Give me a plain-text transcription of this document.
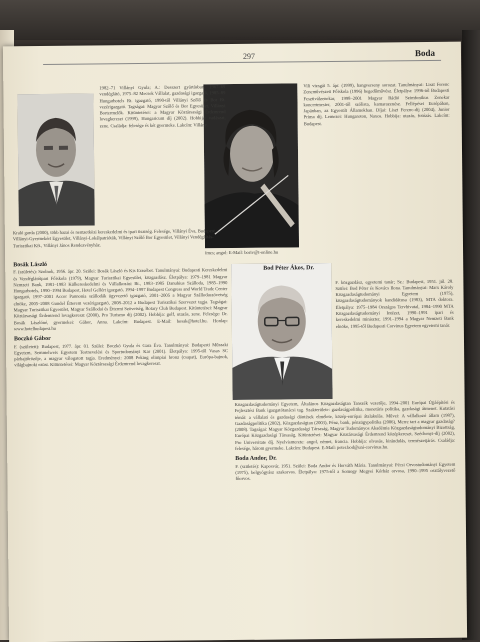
297	Boda

1982–71 Villányi Gyula; A.: Desszert gyártásban, 1967–69 vendéglátó, 1975–82 Mecsek Vállalat, gazdasági igazgató, 1985–89 Hungarhotels Rt. igazgató, 1990-től Villányi Szőlő és Bor Rt. vezérigazgató. Tagságai: Magyar Szőlő és Bor Egyesület, Villányi Bortermelők. Kitüntetései: a Magyar Köztársasági Érdemrend lovagkereszt (1999), Hungaricum díj (2002). Hobbija: vadászat, zene. Családja: felesége és két gyermeke. Lakcím: Villány.

Vili vizsgái 5. ápr. (1999), hangverseny sorozat. Tanulmányai: Liszt Ferenc Zeneművészeti Főiskola (1996) hegedűművész. Életpálya: 1996-tól Budapesti Fesztiválzenekar, 1998–2001 Magyar Rádió Szimfonikus Zenekar koncertmester, 2001-től szólista, kamarazenész. Fellépései Európában, Japánban, az Egyesült Államokban. Díjai: Liszt Ferenc-díj (2004), Junior Prima díj. Lemezei: Hungaroton, Naxos. Hobbija: utazás, fotózás. Lakcím: Budapest.

Kraló garda (2000), több hazai és nemzetközi kereskedelmi és ipari tisztség. Felesége, Villányi Éva, Budapest ... Villányi-Gyermekért Egyesület, Villányi-Lokálpatrióták, Villányi Szőlő Bor Egyesület, Villányi Vendéglátás-Turisztikai Kft., Villányi János Rendezvényház.
ímes; angol: E-Mail: boriv@t-online.hu

Bosák László

F. (születés): Szolnok, 1956. ápr. 20. Szülei: Bosák László és Kis Erzsébet. Tanulmányai: Budapesti Kereskedelmi és Vendéglátóipari Főiskola (1979), Magyar Turisztikai Egyesület, közgazdász. Életpálya: 1979–1981 Magyar Nemzeti Bank, 1981–1983 Külkereskedelmi és Vállalkozási Rt., 1983–1985 Danubius Szálloda, 1985–1990 Hungarhotels, 1990–1994 Budapest, Hotel Gellért igazgató, 1994–1997 Budapest Congress and World Trade Center igazgató, 1997–2001 Accor Pannonia szállodák ügyvezető igazgató, 2001–2005 a Magyar Szállodaszövetség elnöke, 2005–2008 Gundel Étterem vezérigazgató, 2008–2012 a Budapest Turisztikai Szervezet tagja. Tagságai: Magyar Turisztikai Egyesület, Magyar Szállodai és Éttermi Szövetség, Rotary Club Budapest. Kitüntetései: Magyar Köztársasági Érdemrend lovagkereszt (2000), Pro Turismo díj (2002). Hobbija: golf, utazás, zene. Felesége: Dr. Bosák Lászlóné, gyermekei: Gábor, Anna. Lakcím: Budapest. E-Mail: bosak@hotel.hu. Honlap: www.hotelbudapest.hu

Boczkó Gábor

F. (született): Budapest, 1977. ápr. 01. Szülei: Boczkó Gyula és Gara Éva. Tanulmányai: Budapesti Műszaki Egyetem, Semmelweis Egyetem Testnevelési és Sportudományi Kar (2001). Életpálya: 1995-től Vasas SC párbajtőrözője, a magyar válogatott tagja. Eredményei: 2008 Peking olimpiai bronz (csapat), Európa-bajnok, világbajnoki ezüst. Kitüntetései: Magyar Köztársasági Érdemrend lovagkereszt.

Bod Péter Ákos, Dr.

F. közgazdász, egyetemi tanár; Sz.: Budapest, 1951. júl. 28. Szülei: Bod Péter és Kovács Ilona. Tanulmányai: Marx Károly Közgazdaságtudományi Egyetem (1975), közgazdaságtudományok kandidátusa (1983), MTA doktora. Életpálya: 1975–1984 Országos Tervhivatal, 1984–1990 MTA Közgazdaságtudományi Intézet, 1990–1991 ipari és kereskedelmi miniszter, 1991–1994 a Magyar Nemzeti Bank elnöke, 1995-től Budapesti Corvinus Egyetem egyetemi tanár.

Közgazdaságtudományi Egyetem, Általános Közgazdaságtan Tanszék vezetője, 1994–2001 Európai Újjáépítési és Fejlesztési Bank igazgatótanácsi tag. Szakterülete: gazdaságpolitika, monetáris politika, gazdasági átmenet. Kutatási témái: a vállalati és gazdasági döntések elmélete, közép-európai átalakulás. Művei: A vállalkozó állam (1987), Gazdaságpolitika (2002), Közgazdaságtan (2003), Pénz, bank, pénzügypolitika (2006), Merre tart a magyar gazdaság? (2008). Tagságai: Magyar Közgazdasági Társaság, Magyar Tudományos Akadémia Közgazdaságtudományi Bizottság, Európai Közgazdasági Társaság. Kitüntetései: Magyar Köztársasági Érdemrend középkereszt, Széchenyi-díj (2002), Pro Universitate díj. Nyelvismerete: angol, német, francia. Hobbija: olvasás, kirándulás, természetjárás. Családja: felesége, három gyermeke. Lakcím: Budapest. E-Mail: peter.bod@uni-corvinus.hu.

Boda Andor, Dr.

F. (születés): Kaposvár, 1951. Szülei: Boda Andor és Horváth Mária. Tanulmányai: Pécsi Orvostudományi Egyetem (1975), belgyógyász szakorvos. Életpálya: 1975-től a Somogy Megyei Kórház orvosa, 1990–1995 osztályvezető főorvos.
